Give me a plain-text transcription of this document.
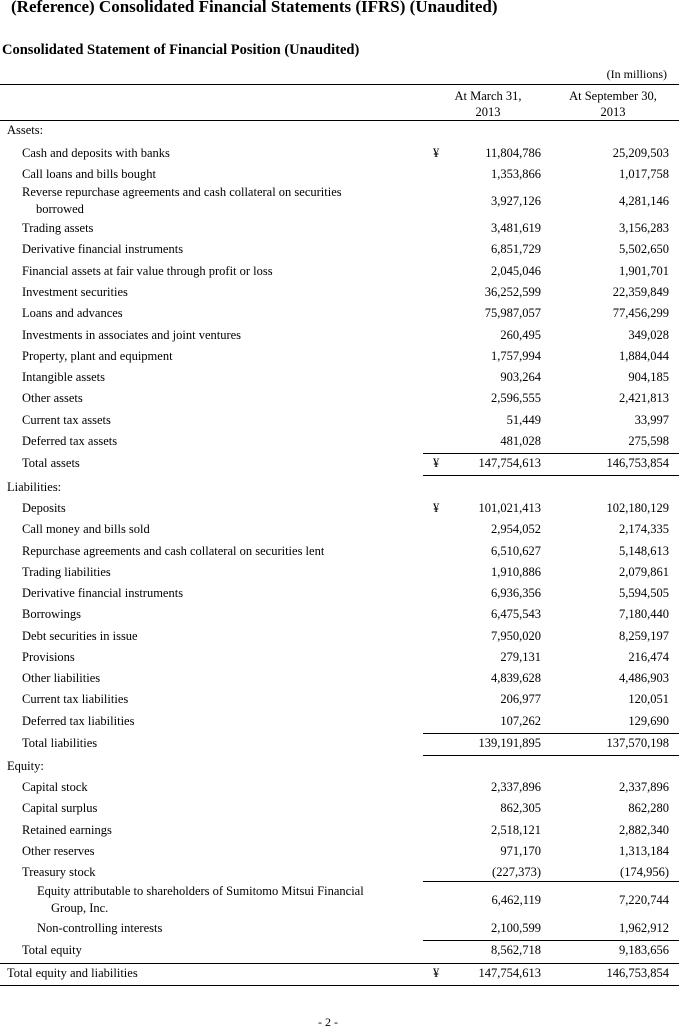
(Reference) Consolidated Financial Statements (IFRS) (Unaudited)
Consolidated Statement of Financial Position (Unaudited)
(In millions)
At March 31,
2013
At September 30,
2013
Assets:
Cash and deposits with banks	¥	11,804,786	25,209,503
Call loans and bills bought	1,353,866	1,017,758
Reverse repurchase agreements and cash collateral on securities
borrowed
3,927,126	4,281,146
Trading assets	3,481,619	3,156,283
Derivative financial instruments	6,851,729	5,502,650
Financial assets at fair value through profit or loss	2,045,046	1,901,701
Investment securities	36,252,599	22,359,849
Loans and advances	75,987,057	77,456,299
Investments in associates and joint ventures	260,495	349,028
Property, plant and equipment	1,757,994	1,884,044
Intangible assets	903,264	904,185
Other assets	2,596,555	2,421,813
Current tax assets	51,449	33,997
Deferred tax assets	481,028	275,598
Total assets	¥	147,754,613	146,753,854
Liabilities:
Deposits	¥	101,021,413	102,180,129
Call money and bills sold	2,954,052	2,174,335
Repurchase agreements and cash collateral on securities lent	6,510,627	5,148,613
Trading liabilities	1,910,886	2,079,861
Derivative financial instruments	6,936,356	5,594,505
Borrowings	6,475,543	7,180,440
Debt securities in issue	7,950,020	8,259,197
Provisions	279,131	216,474
Other liabilities	4,839,628	4,486,903
Current tax liabilities	206,977	120,051
Deferred tax liabilities	107,262	129,690
Total liabilities	139,191,895	137,570,198
Equity:
Capital stock	2,337,896	2,337,896
Capital surplus	862,305	862,280
Retained earnings	2,518,121	2,882,340
Other reserves	971,170	1,313,184
Treasury stock	(227,373)	(174,956)
Equity attributable to shareholders of Sumitomo Mitsui Financial
Group, Inc.
6,462,119	7,220,744
Non-controlling interests	2,100,599	1,962,912
Total equity	8,562,718	9,183,656
Total equity and liabilities	¥	147,754,613	146,753,854
- 2 -
